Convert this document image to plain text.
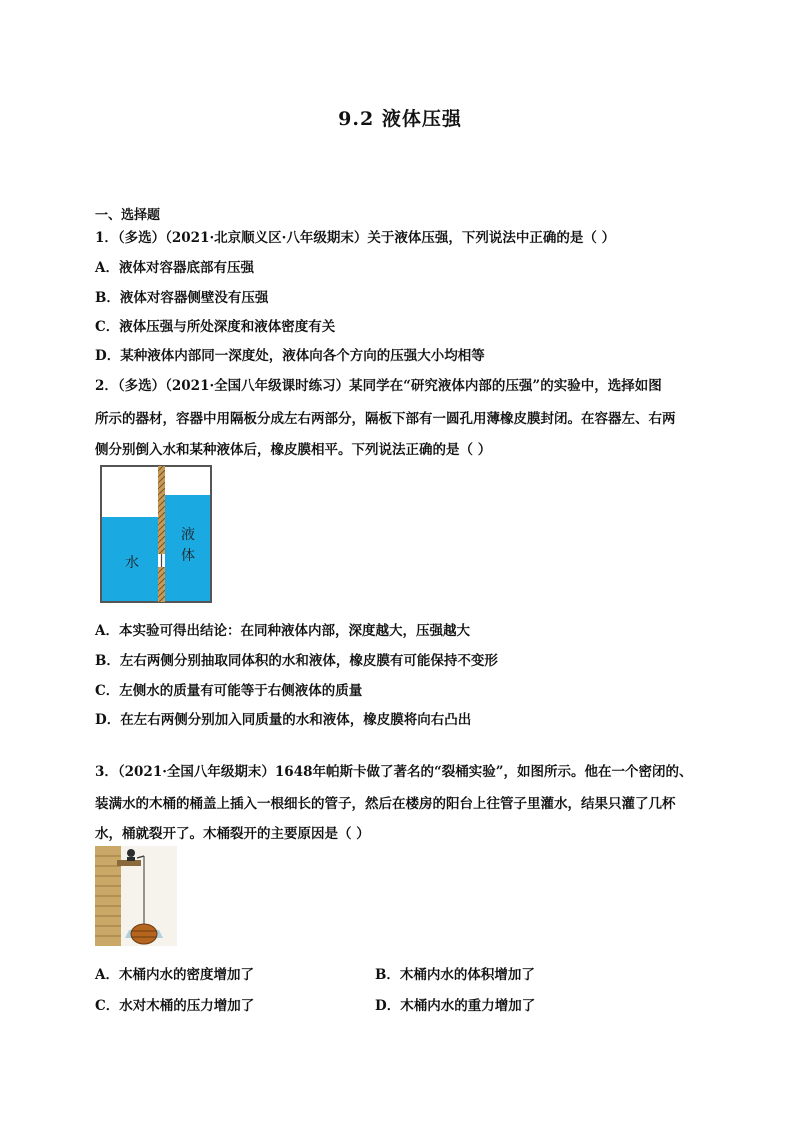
9.2 液体压强
一、选择题
1．（多选）（2021·北京顺义区·八年级期末）关于液体压强，下列说法中正确的是（ ）
A．液体对容器底部有压强
B．液体对容器侧壁没有压强
C．液体压强与所处深度和液体密度有关
D．某种液体内部同一深度处，液体向各个方向的压强大小均相等
2．（多选）（2021·全国八年级课时练习）某同学在“研究液体内部的压强”的实验中，选择如图
所示的器材，容器中用隔板分成左右两部分，隔板下部有一圆孔用薄橡皮膜封闭。在容器左、右两
侧分别倒入水和某种液体后，橡皮膜相平。下列说法正确的是（ ）
水
液
体
A．本实验可得出结论：在同种液体内部，深度越大，压强越大
B．左右两侧分别抽取同体积的水和液体，橡皮膜有可能保持不变形
C．左侧水的质量有可能等于右侧液体的质量
D．在左右两侧分别加入同质量的水和液体，橡皮膜将向右凸出
3．（2021·全国八年级期末）1648年帕斯卡做了著名的“裂桶实验”，如图所示。他在一个密闭的、
装满水的木桶的桶盖上插入一根细长的管子，然后在楼房的阳台上往管子里灌水，结果只灌了几杯
水，桶就裂开了。木桶裂开的主要原因是（ ）
A．木桶内水的密度增加了	B．木桶内水的体积增加了
C．水对木桶的压力增加了	D．木桶内水的重力增加了
